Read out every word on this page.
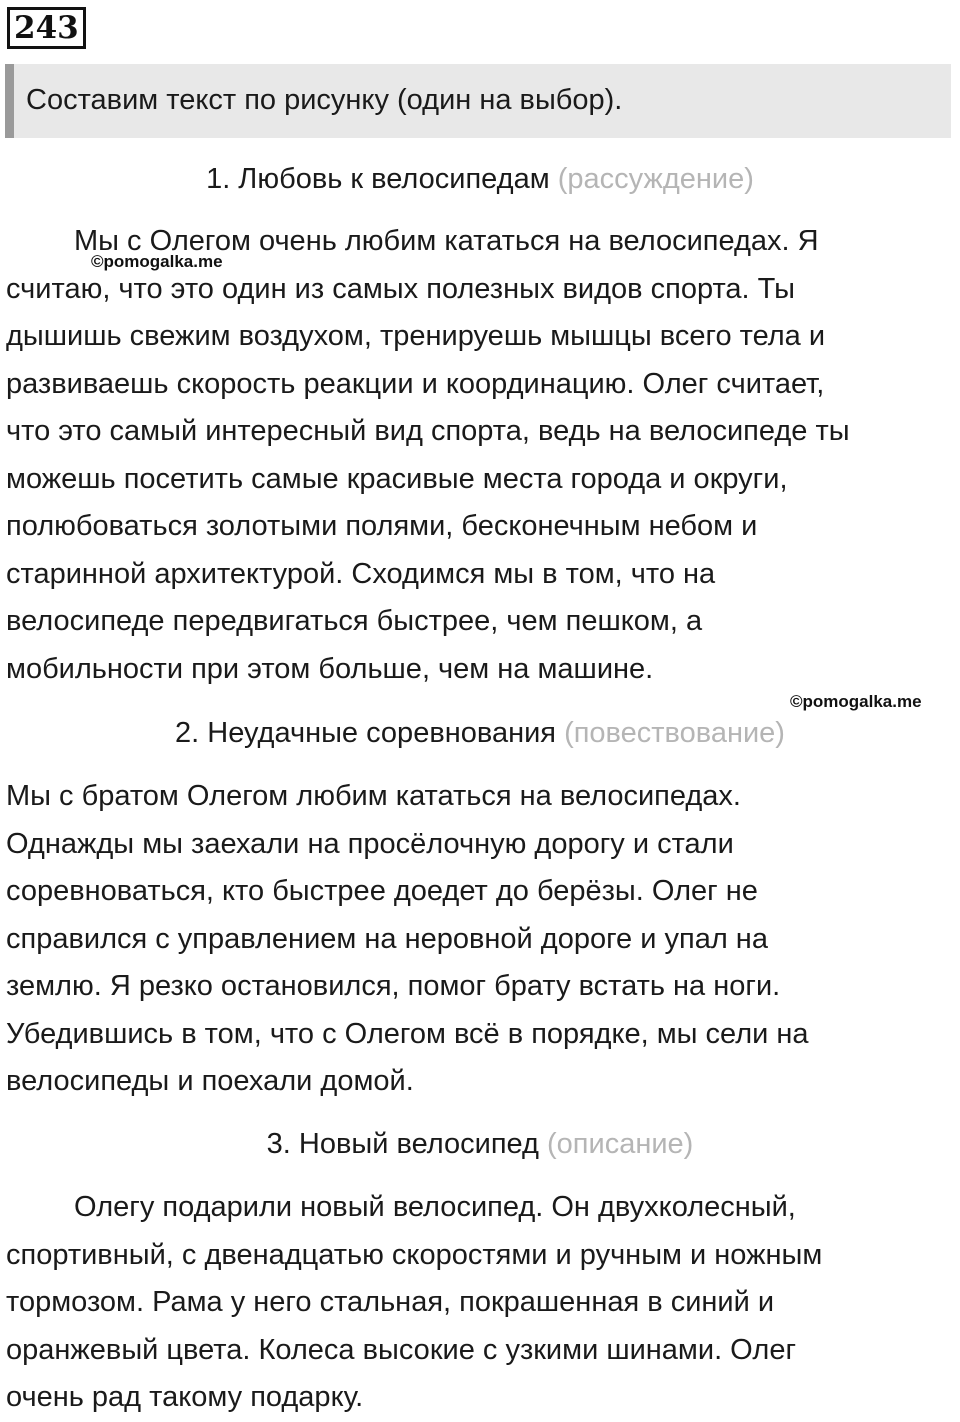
243
Составим текст по рисунку (один на выбор).
1. Любовь к велосипедам (рассуждение)
Мы с Олегом очень любим кататься на велосипедах. Я
считаю, что это один из самых полезных видов спорта. Ты
дышишь свежим воздухом, тренируешь мышцы всего тела и
развиваешь скорость реакции и координацию. Олег считает,
что это самый интересный вид спорта, ведь на велосипеде ты
можешь посетить самые красивые места города и округи,
полюбоваться золотыми полями, бесконечным небом и
старинной архитектурой. Сходимся мы в том, что на
велосипеде передвигаться быстрее, чем пешком, а
мобильности при этом больше, чем на машине.
©pomogalka.me
©pomogalka.me
2. Неудачные соревнования (повествование)
Мы с братом Олегом любим кататься на велосипедах.
Однажды мы заехали на просёлочную дорогу и стали
соревноваться, кто быстрее доедет до берёзы. Олег не
справился с управлением на неровной дороге и упал на
землю. Я резко остановился, помог брату встать на ноги.
Убедившись в том, что с Олегом всё в порядке, мы сели на
велосипеды и поехали домой.
3. Новый велосипед (описание)
Олегу подарили новый велосипед. Он двухколесный,
спортивный, с двенадцатью скоростями и ручным и ножным
тормозом. Рама у него стальная, покрашенная в синий и
оранжевый цвета. Колеса высокие с узкими шинами. Олег
очень рад такому подарку.
